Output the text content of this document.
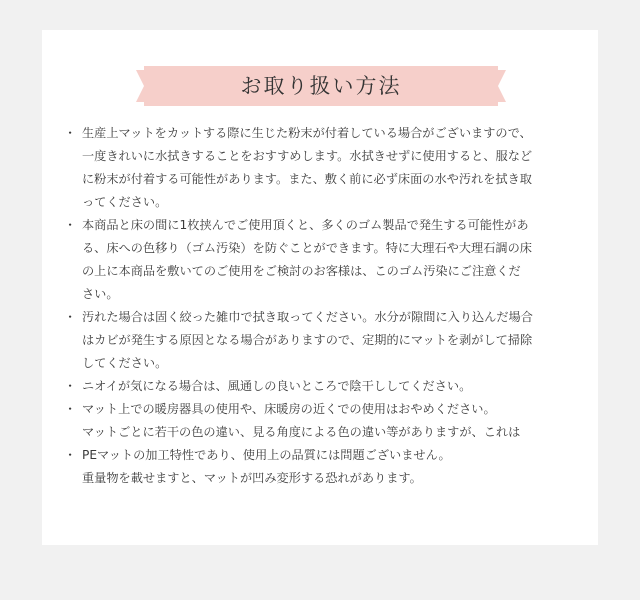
お取り扱い方法
・ 生産上マットをカットする際に生じた粉末が付着している場合がございますので、
一度きれいに水拭きすることをおすすめします。水拭きせずに使用すると、服など
に粉末が付着する可能性があります。また、敷く前に必ず床面の水や汚れを拭き取
ってください。
・ 本商品と床の間に1枚挟んでご使用頂くと、多くのゴム製品で発生する可能性があ
る、床への色移り（ゴム汚染）を防ぐことができます。特に大理石や大理石調の床
の上に本商品を敷いてのご使用をご検討のお客様は、このゴム汚染にご注意くだ
さい。
・ 汚れた場合は固く絞った雑巾で拭き取ってください。水分が隙間に入り込んだ場合
はカビが発生する原因となる場合がありますので、定期的にマットを剥がして掃除
してください。
・ ニオイが気になる場合は、風通しの良いところで陰干ししてください。
・ マット上での暖房器具の使用や、床暖房の近くでの使用はおやめください。
マットごとに若干の色の違い、見る角度による色の違い等がありますが、これは
・ PEマットの加工特性であり、使用上の品質には問題ございません。
重量物を載せますと、マットが凹み変形する恐れがあります。
